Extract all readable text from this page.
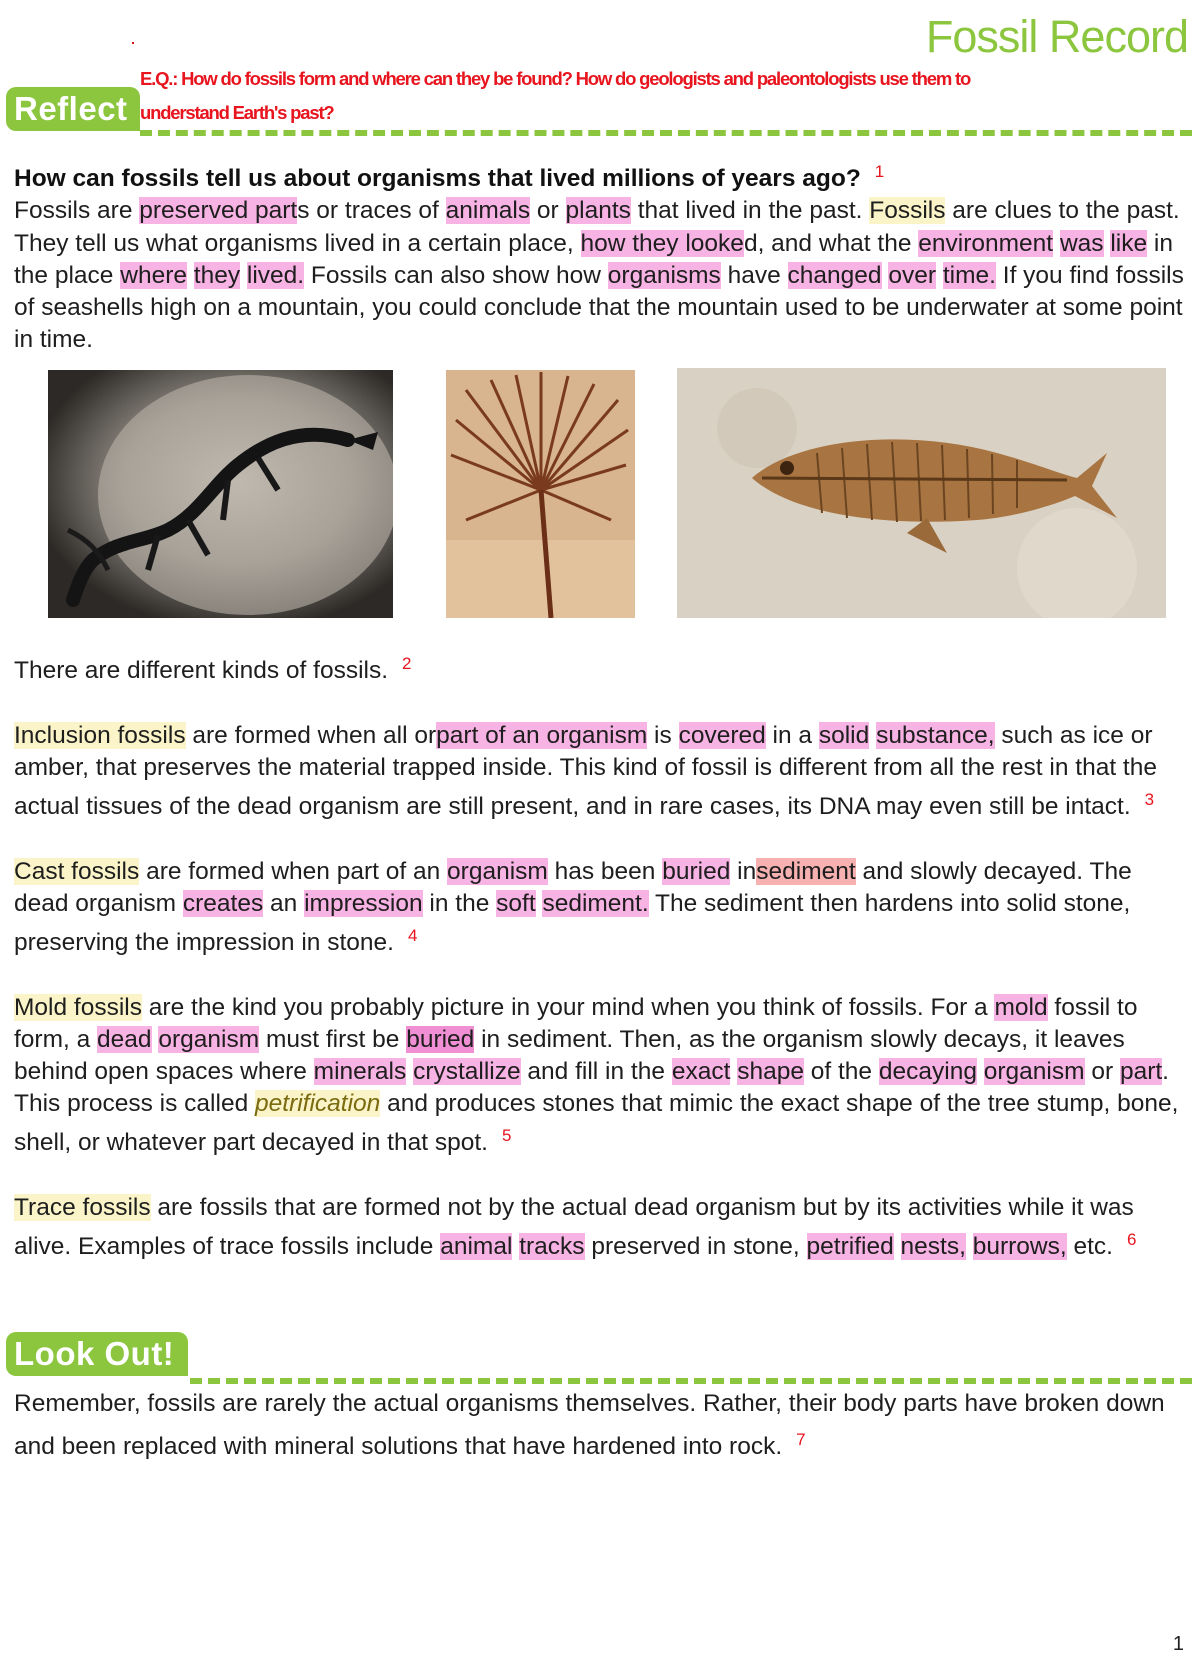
Fossil Record
E.Q.: How do fossils form and where can they be found? How do geologists and paleontologists use them to
understand Earth's past?
Reflect

How can fossils tell us about organisms that lived millions of years ago? $^1$

Fossils are preserved parts or traces of animals or plants that lived in the past. Fossils are clues to the past. They tell us what organisms lived in a certain place, how they looked, and what the environment was like in the place where they lived. Fossils can also show how organisms have changed over time. If you find fossils of seashells high on a mountain, you could conclude that the mountain used to be underwater at some point in time.

There are different kinds of fossils. $^2$

Inclusion fossils are formed when all orpart of an organism is covered in a solid substance, such as ice or amber, that preserves the material trapped inside. This kind of fossil is different from all the rest in that the actual tissues of the dead organism are still present, and in rare cases, its DNA may even still be intact. $^3$

Cast fossils are formed when part of an organism has been buried insediment and slowly decayed. The dead organism creates an impression in the soft sediment. The sediment then hardens into solid stone, preserving the impression in stone. $^4$

Mold fossils are the kind you probably picture in your mind when you think of fossils. For a mold fossil to form, a dead organism must first be buried in sediment. Then, as the organism slowly decays, it leaves behind open spaces where minerals crystallize and fill in the exact shape of the decaying organism or part. This process is called petrification and produces stones that mimic the exact shape of the tree stump, bone, shell, or whatever part decayed in that spot. $^5$

Trace fossils are fossils that are formed not by the actual dead organism but by its activities while it was alive. Examples of trace fossils include animal tracks preserved in stone, petrified nests, burrows, etc. $^6$

Look Out!

Remember, fossils are rarely the actual organisms themselves. Rather, their body parts have broken down and been replaced with mineral solutions that have hardened into rock. $^7$

1
